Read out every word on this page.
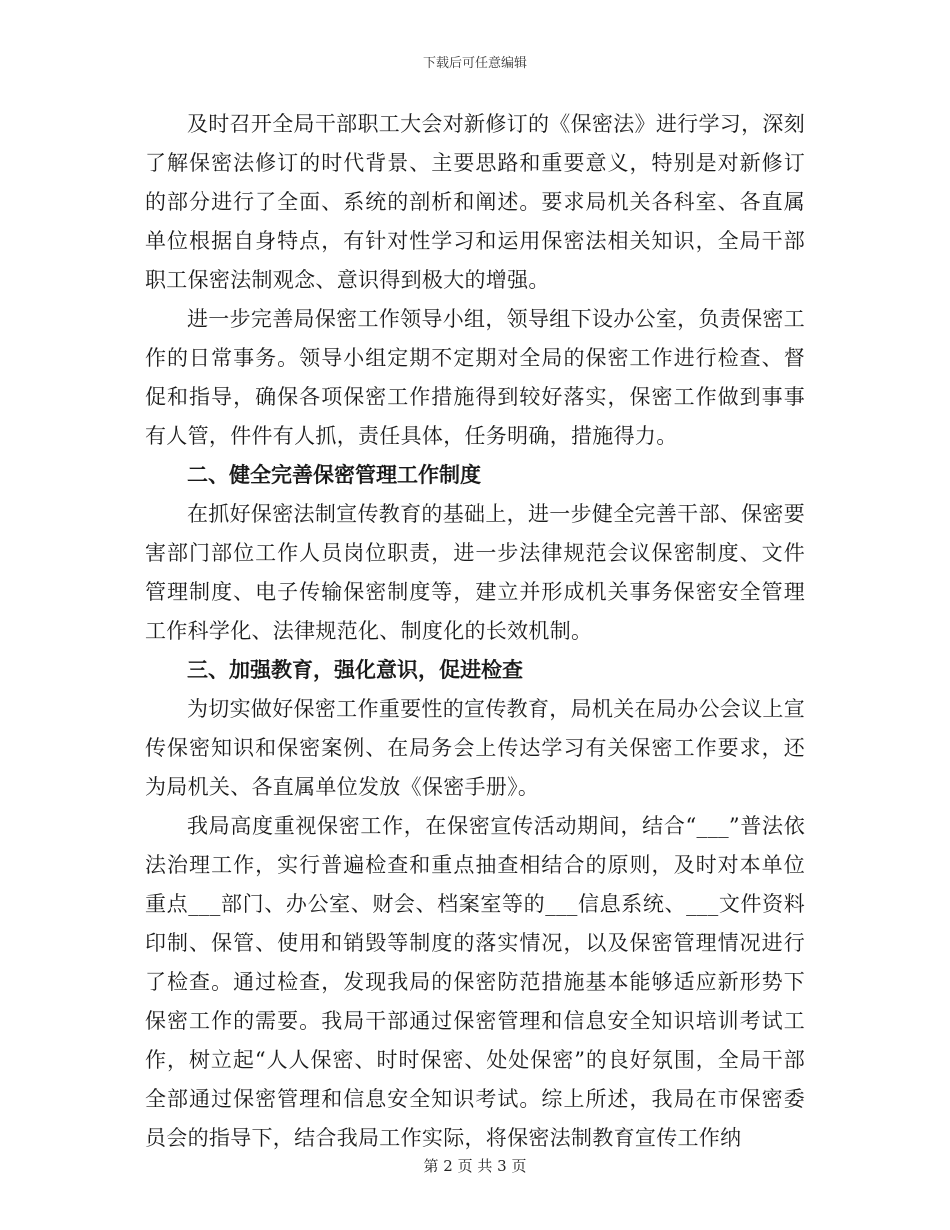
下载后可任意编辑

及时召开全局干部职工大会对新修订的《保密法》进行学习，深刻了解保密法修订的时代背景、主要思路和重要意义，特别是对新修订的部分进行了全面、系统的剖析和阐述。要求局机关各科室、各直属单位根据自身特点，有针对性学习和运用保密法相关知识，全局干部职工保密法制观念、意识得到极大的增强。

进一步完善局保密工作领导小组，领导组下设办公室，负责保密工作的日常事务。领导小组定期不定期对全局的保密工作进行检查、督促和指导，确保各项保密工作措施得到较好落实，保密工作做到事事有人管，件件有人抓，责任具体，任务明确，措施得力。

二、健全完善保密管理工作制度

在抓好保密法制宣传教育的基础上，进一步健全完善干部、保密要害部门部位工作人员岗位职责，进一步法律规范会议保密制度、文件管理制度、电子传输保密制度等，建立并形成机关事务保密安全管理工作科学化、法律规范化、制度化的长效机制。

三、加强教育，强化意识，促进检查

为切实做好保密工作重要性的宣传教育，局机关在局办公会议上宣传保密知识和保密案例、在局务会上传达学习有关保密工作要求，还为局机关、各直属单位发放《保密手册》。

我局高度重视保密工作，在保密宣传活动期间，结合“___”普法依法治理工作，实行普遍检查和重点抽查相结合的原则，及时对本单位重点___部门、办公室、财会、档案室等的___信息系统、___文件资料印制、保管、使用和销毁等制度的落实情况，以及保密管理情况进行了检查。通过检查，发现我局的保密防范措施基本能够适应新形势下保密工作的需要。我局干部通过保密管理和信息安全知识培训考试工作，树立起“人人保密、时时保密、处处保密”的良好氛围，全局干部全部通过保密管理和信息安全知识考试。综上所述，我局在市保密委员会的指导下，结合我局工作实际，将保密法制教育宣传工作纳

第 2 页 共 3 页
